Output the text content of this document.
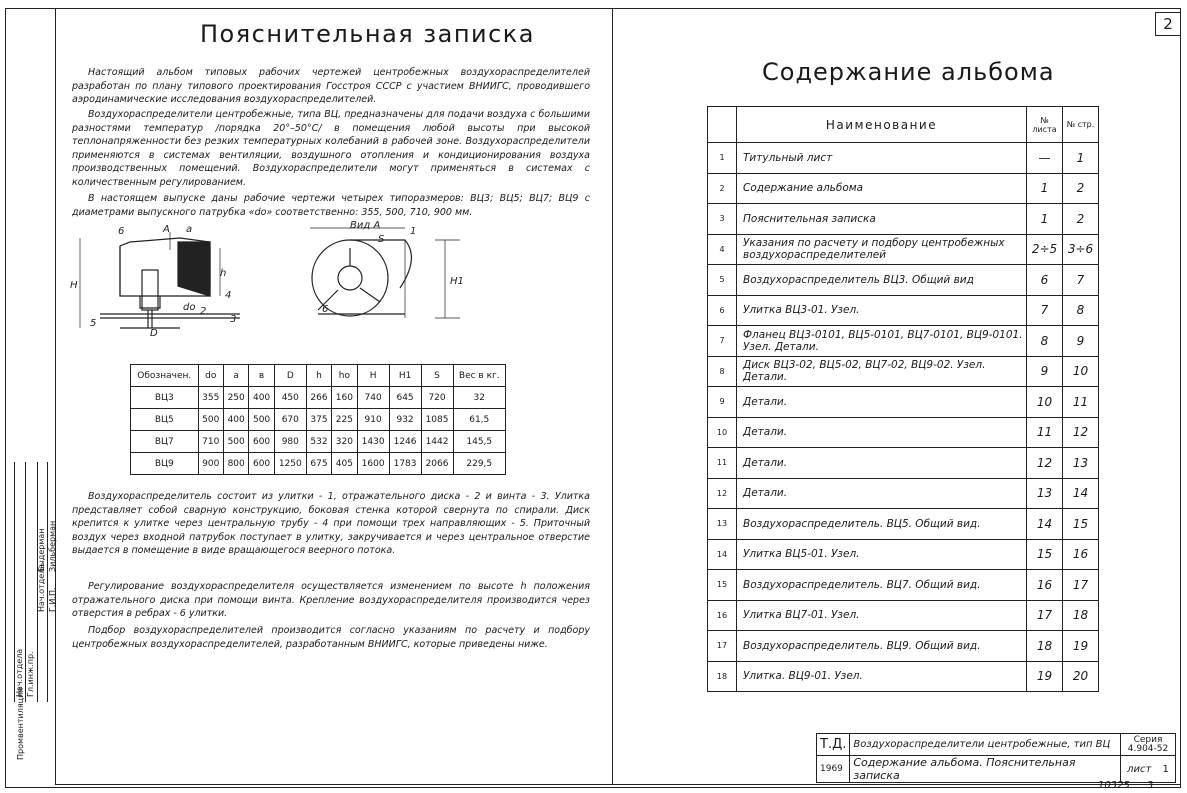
2
Пояснительная записка
Настоящий альбом типовых рабочих чертежей центробежных воздухораспределителей разработан по плану типового проектирования Госстроя СССР с участием ВНИИГС, проводившего аэродинамические исследования воздухораспределителей.
Воздухораспределители центробежные, типа ВЦ, предназначены для подачи воздуха с большими разностями температур /порядка 20°–50°С/ в помещения любой высоты при высокой теплонапряженности без резких температурных колебаний в рабочей зоне. Воздухораспределители применяются в системах вентиляции, воздушного отопления и кондиционирования воздуха производственных помещений. Воздухораспределители могут применяться в системах с количественным регулированием.
В настоящем выпуске даны рабочие чертежи четырех типоразмеров: ВЦ3; ВЦ5; ВЦ7; ВЦ9 с диаметрами выпускного патрубка «do» соответственно: 355, 500, 710, 900 мм.
6	A a	Вид А
1
H
h
2
3
5
D
do
4
6
H1
S
Обозначен.	do	a	в	D	h	ho	H	H1	S	Вес в кг.
ВЦ3	355	250	400	450	266	160	740	645	720	32
ВЦ5	500	400	500	670	375	225	910	932	1085	61,5
ВЦ7	710	500	600	980	532	320	1430	1246	1442	145,5
ВЦ9	900	800	600	1250	675	405	1600	1783	2066	229,5
Воздухораспределитель состоит из улитки - 1, отражательного диска - 2 и винта - 3. Улитка представляет собой сварную конструкцию, боковая стенка которой свернута по спирали. Диск крепится к улитке через центральную трубу - 4 при помощи трех направляющих - 5. Приточный воздух через входной патрубок поступает в улитку, закручивается и через центральное отверстие выдается в помещение в виде вращающегося веерного потока.
Регулирование воздухораспределителя осуществляется изменением по высоте h положения отражательного диска при помощи винта. Крепление воздухораспределителя производится через отверстия в ребрах - 6 улитки.
Подбор воздухораспределителей производится согласно указаниям по расчету и подбору центробежных воздухораспределителей, разработанным ВНИИГС, которые приведены ниже.
Нач.отдела Гл.инж.пр.
Нач.отдела Г.И.П.
Быдерман Зильберман
Промвентиляция
Содержание альбома
	Наименование	№ листа	№ стр.
1	Титульный лист	—	1
2	Содержание альбома	1	2
3	Пояснительная записка	1	2
4	Указания по расчету и подбору центробежных воздухораспределителей	2÷5	3÷6
5	Воздухораспределитель ВЦ3. Общий вид	6	7
6	Улитка ВЦ3-01. Узел.	7	8
7	Фланец ВЦ3-0101, ВЦ5-0101, ВЦ7-0101, ВЦ9-0101. Узел. Детали.	8	9
8	Диск ВЦ3-02, ВЦ5-02, ВЦ7-02, ВЦ9-02. Узел. Детали.	9	10
9	Детали.	10	11
10	Детали.	11	12
11	Детали.	12	13
12	Детали.	13	14
13	Воздухораспределитель. ВЦ5. Общий вид.	14	15
14	Улитка ВЦ5-01. Узел.	15	16
15	Воздухораспределитель. ВЦ7. Общий вид.	16	17
16	Улитка ВЦ7-01. Узел.	17	18
17	Воздухораспределитель. ВЦ9. Общий вид.	18	19
18	Улитка. ВЦ9-01. Узел.	19	20
Т.Д.	Воздухораспределители центробежные, тип ВЦ	Серия
4.904-52

1969	Содержание альбома. Пояснительная записка	лист 1
10325 3
